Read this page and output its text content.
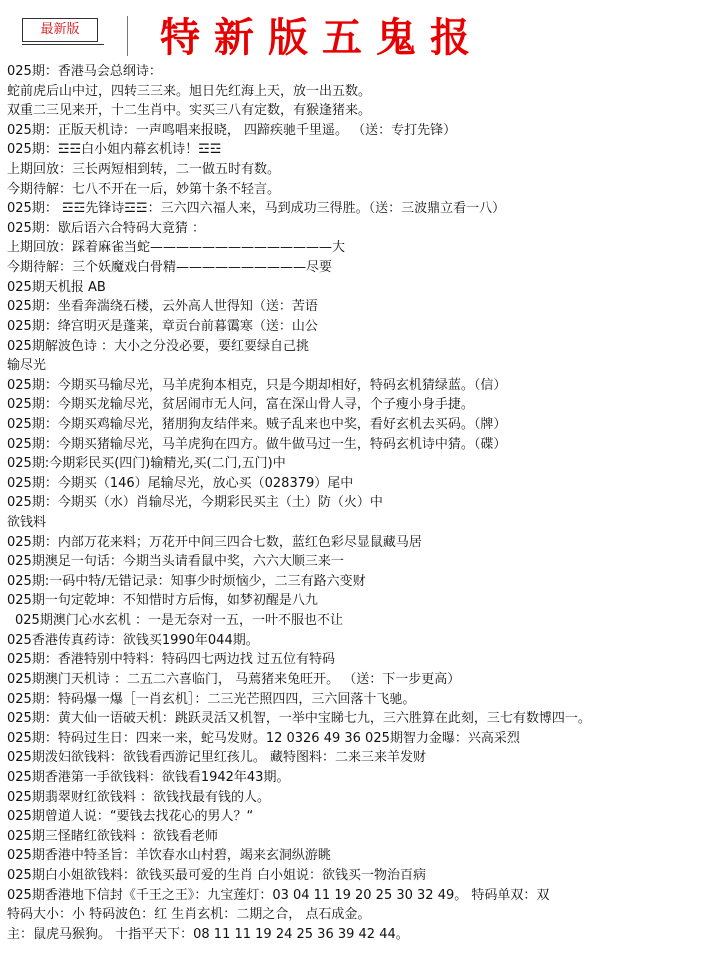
最新版	特新版五鬼报
025期：香港马会总纲诗：
蛇前虎后山中过，四转三三来。旭日先红海上天，放一出五数。
双重二三见来开，十二生肖中。实买三八有定数，有猴逢猪来。
025期：正版天机诗：一声鸣唱来报晓， 四蹄疾驰千里遥。 （送：专打先锋）
025期：☲☲白小姐内幕玄机诗！☲☲
上期回放：三长两短相到转，二一做五时有数。
今期待解：七八不开在一后，妙第十条不轻言。
025期： ☲☲先锋诗☲☲：三六四六福人来，马到成功三得胜。（送：三波鼎立看一八）
025期：歇后语六合特码大竟猜 ：
上期回放：踩着麻雀当蛇——————————————大
今期待解：三个妖魔戏白骨精——————————尽要
025期天机报 AB
025期：坐看奔湍绕石楼，云外高人世得知（送：苦语
025期：绛宫明灭是蓬莱，章贡台前暮霭寒（送：山公
025期解波色诗 ：大小之分没必要，要红要绿自己挑
输尽光
025期：今期买马输尽光，马羊虎狗本相克，只是今期却相好，特码玄机猜绿蓝。（信）
025期：今期买龙输尽光，贫居闹市无人问，富在深山骨人寻，个子瘦小身手捷。
025期：今期买鸡输尽光，猪朋狗友结伴来。贼子乱来也中奖，看好玄机去买码。（牌）
025期：今期买猪输尽光，马羊虎狗在四方。做牛做马过一生，特码玄机诗中猜。（碟）
025期:今期彩民买(四门)输精光,买(二门,五门)中
025期：今期买（146）尾输尽光，放心买（028379）尾中
025期：今期买（水）肖输尽光，今期彩民买主（土）防（火）中
欲钱料
025期：内部万花来料；万花开中间三四合七数，蓝红色彩尽显鼠藏马居
025期澳足一句话：今期当头请看鼠中奖，六六大顺三来一
025期:一码中特/无错记录：知事少时烦恼少，二三有路六变财
025期一句定乾坤：不知惜时方后悔，如梦初醒是八九
025期澳门心水玄机 ：一是无奈对一五，一叶不服也不让
025香港传真药诗：欲钱买1990年044期。
025期：香港特别中特料：特码四七两边找 过五位有特码
025期澳门天机诗 ：二五二六喜临门， 马蔫猪来兔旺开。 （送：下一步更高）
025期：特码爆一爆［一肖玄机］：二三光芒照四四，三六回落十飞驰。
025期：黄大仙一语破天机：跳跃灵活又机智，一举中宝睇七九，三六胜算在此刻，三七有数博四一。
025期：特码过生日：四来一来，蛇马发财。12 0326 49 36 025期智力金曝：兴高采烈
025期泼妇欲钱料：欲钱看西游记里红孩儿。 藏特图料：二来三来羊发财
025期香港第一手欲钱料：欲钱看1942年43期。
025期翡翠财红欲钱料 ：欲钱找最有钱的人。
025期曾道人说：“要钱去找花心的男人？“
025期三怪睹红欲钱料 ：欲钱看老师
025期香港中特圣旨：羊饮春水山村碧，竭来玄洞纵游眺
025期白小姐欲钱料：欲钱买最可爱的生肖 白小姐说：欲钱买一物治百病
025期香港地下信封《千王之王》：九宝莲灯：03 04 11 19 20 25 30 32 49。 特码单双：双
特码大小：小 特码波色：红 生肖玄机：二期之合， 点石成金。
主：鼠虎马猴狗。 十指平天下：08 11 11 19 24 25 36 39 42 44。
